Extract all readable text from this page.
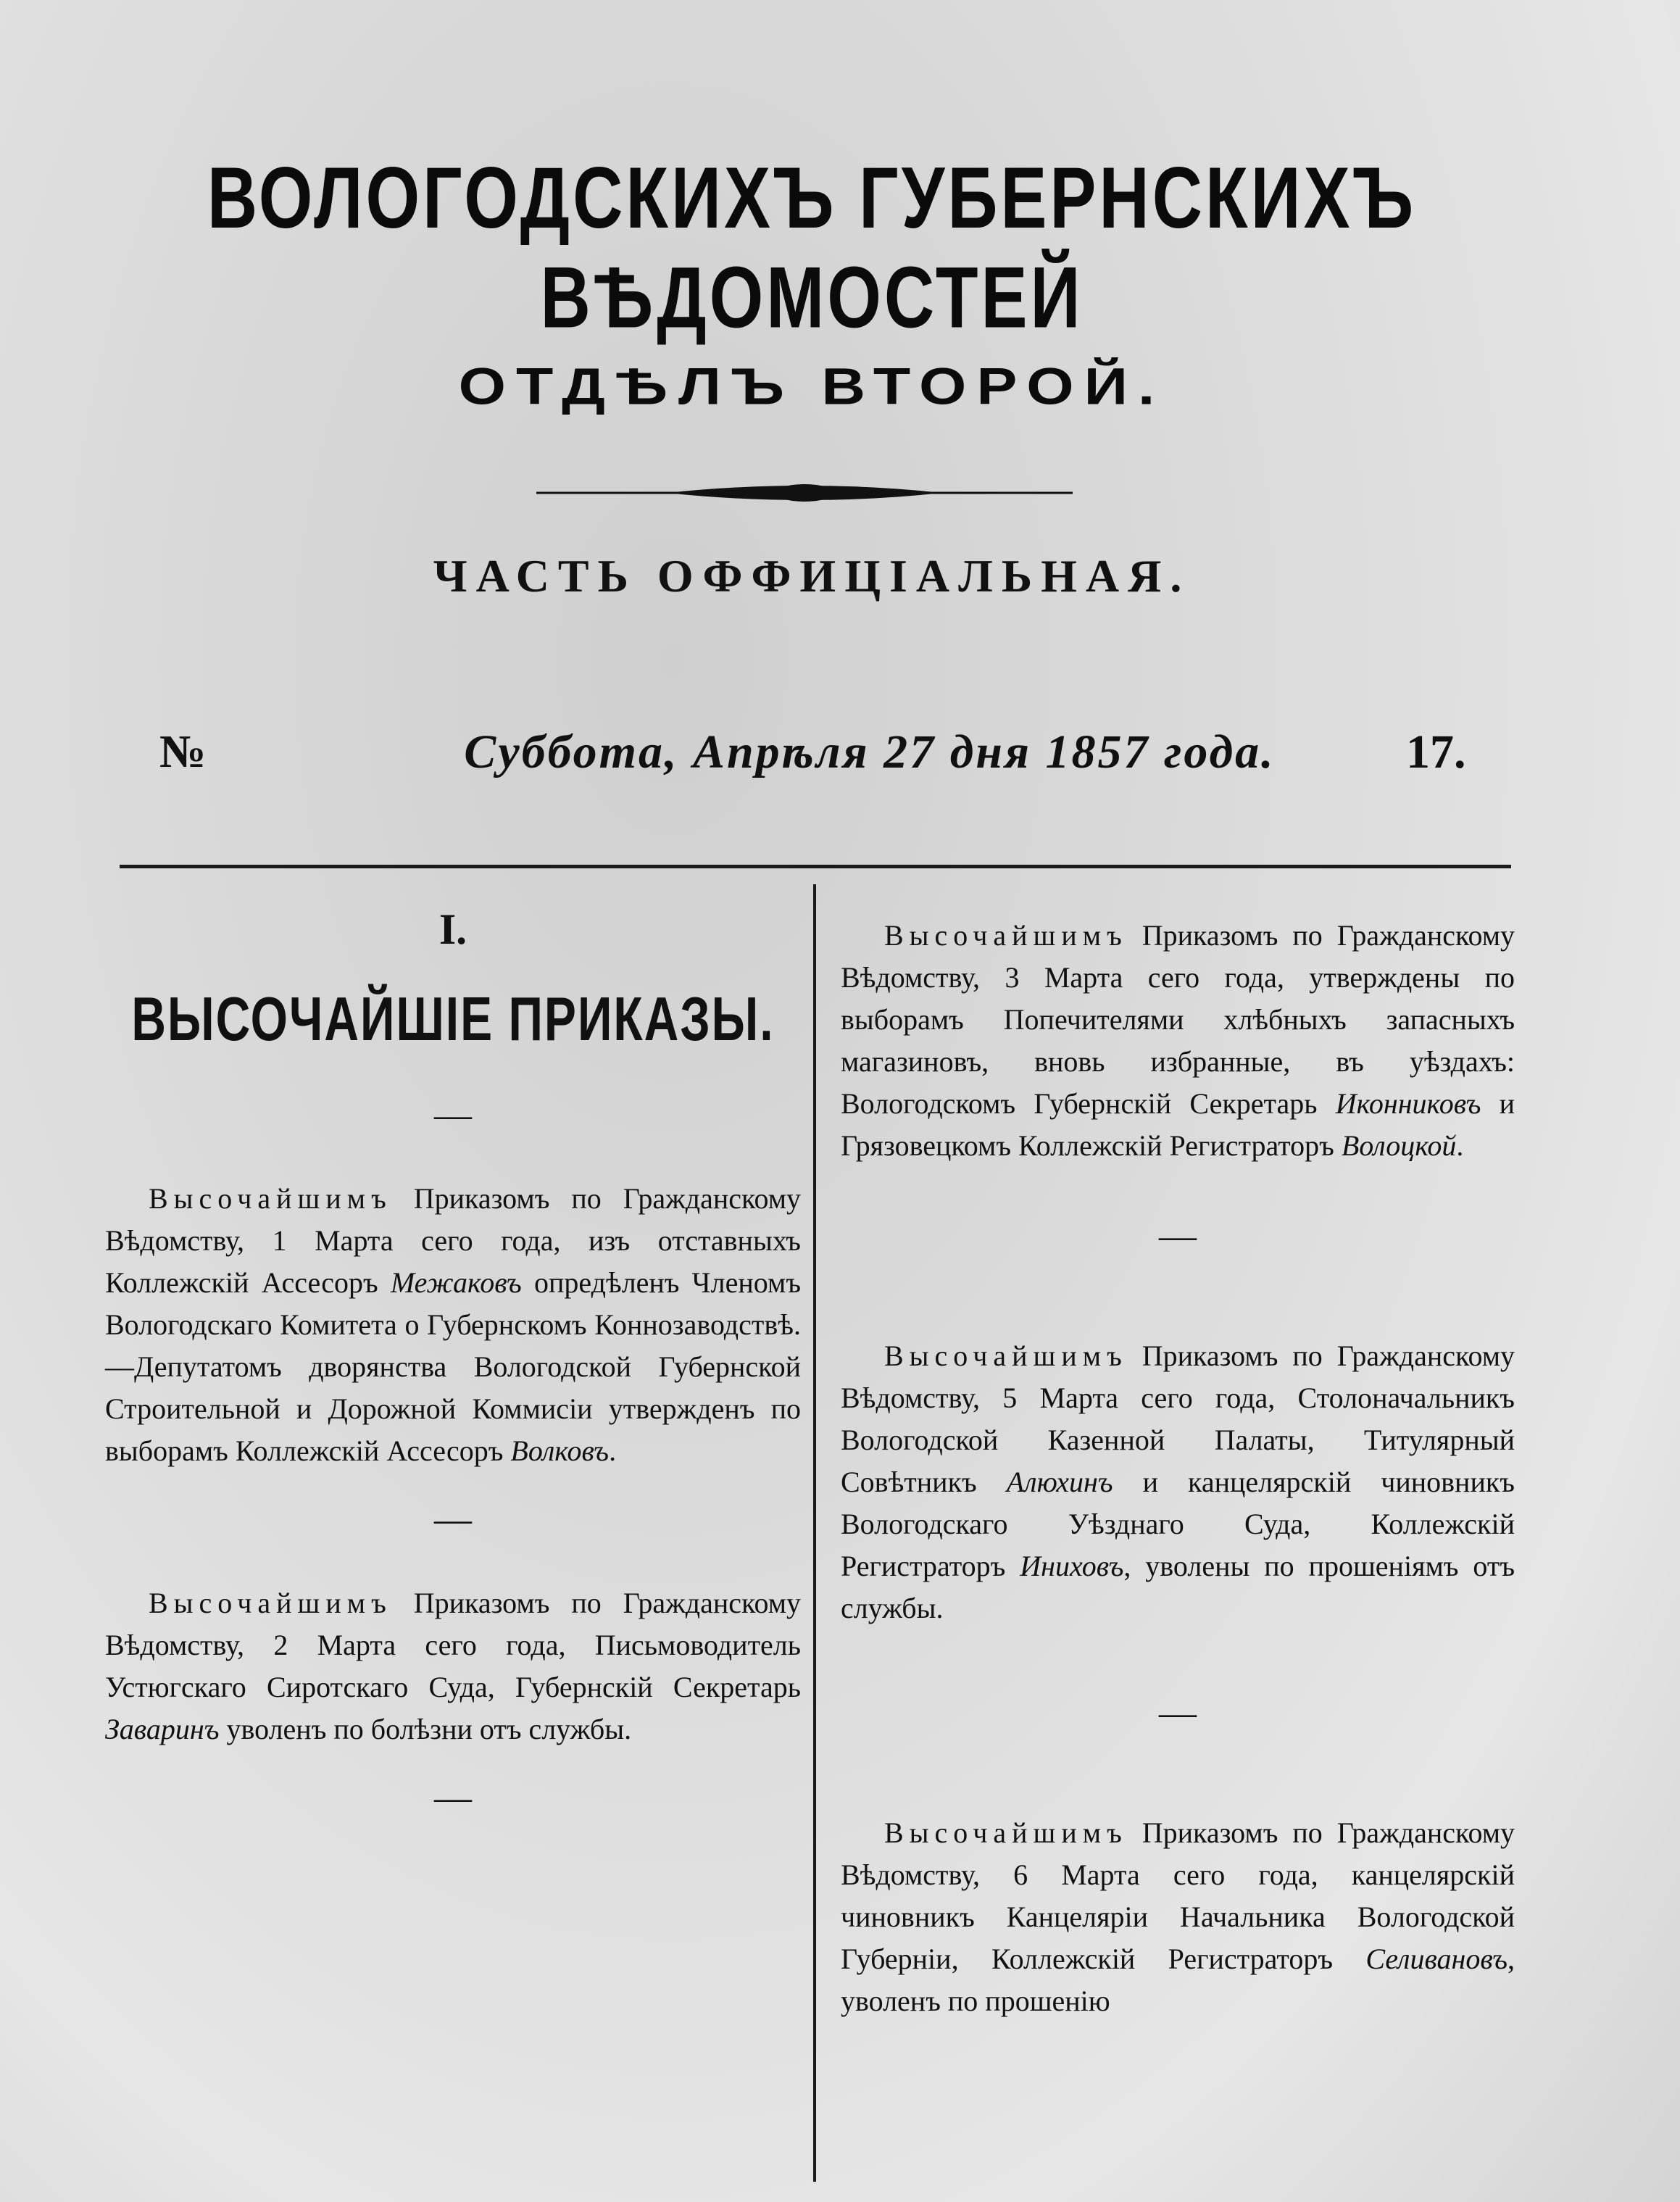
ВОЛОГОДСКИХЪ ГУБЕРНСКИХЪ ВѢДОМОСТЕЙ
ОТДѢЛЪ ВТОРОЙ.
ЧАСТЬ ОФФИЦІАЛЬНАЯ.
№	Суббота, Апрѣля 27 дня 1857 года.	17.
I.
ВЫСОЧАЙШІЕ ПРИКАЗЫ.
—

Высочайшимъ Приказомъ по Гражданскому Вѣдомству, 1 Марта сего года, изъ отставныхъ Коллежскій Ассесоръ Межаковъ опредѣленъ Членомъ Вологодскаго Комитета о Губернскомъ Коннозаводствѣ.—Депутатомъ дворянства Вологодской Губернской Строительной и Дорожной Коммисіи утвержденъ по выборамъ Коллежскій Ассесоръ Волковъ.

—

Высочайшимъ Приказомъ по Гражданскому Вѣдомству, 2 Марта сего года, Письмоводитель Устюгскаго Сиротскаго Суда, Губернскій Секретарь Заваринъ уволенъ по болѣзни отъ службы.

—

Высочайшимъ Приказомъ по Гражданскому Вѣдомству, 3 Марта сего года, утверждены по выборамъ Попечителями хлѣбныхъ запасныхъ магазиновъ, вновь избранные, въ уѣздахъ: Вологодскомъ Губернскій Секретарь Иконниковъ и Грязовецкомъ Коллежскій Регистраторъ Волоцкой.

—

Высочайшимъ Приказомъ по Гражданскому Вѣдомству, 5 Марта сего года, Столоначальникъ Вологодской Казенной Палаты, Титулярный Совѣтникъ Алюхинъ и канцелярскій чиновникъ Вологодскаго Уѣзднаго Суда, Коллежскій Регистраторъ Иниховъ, уволены по прошеніямъ отъ службы.

—

Высочайшимъ Приказомъ по Гражданскому Вѣдомству, 6 Марта сего года, канцелярскій чиновникъ Канцеляріи Начальника Вологодской Губерніи, Коллежскій Регистраторъ Селивановъ, уволенъ по прошенію
